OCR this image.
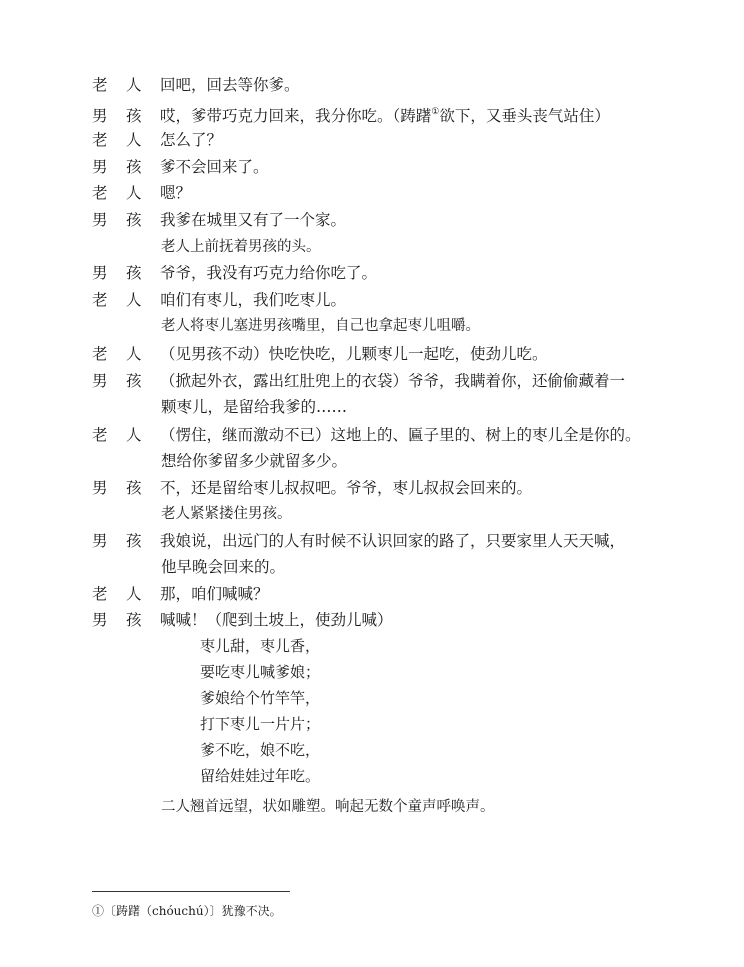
老 人 回吧，回去等你爹。
男 孩 哎，爹带巧克力回来，我分你吃。（踌躇①欲下，又垂头丧气站住）
老 人 怎么了？
男 孩 爹不会回来了。
老 人 嗯？
男 孩 我爹在城里又有了一个家。
老人上前抚着男孩的头。
男 孩 爷爷，我没有巧克力给你吃了。
老 人 咱们有枣儿，我们吃枣儿。
老人将枣儿塞进男孩嘴里，自己也拿起枣儿咀嚼。
老 人 （见男孩不动）快吃快吃，儿颗枣儿一起吃，使劲儿吃。
男 孩 （掀起外衣，露出红肚兜上的衣袋）爷爷，我瞒着你，还偷偷藏着一
颗枣儿，是留给我爹的……
老 人 （愣住，继而激动不已）这地上的、匾子里的、树上的枣儿全是你的。
想给你爹留多少就留多少。
男 孩 不，还是留给枣儿叔叔吧。爷爷，枣儿叔叔会回来的。
老人紧紧搂住男孩。
男 孩 我娘说，出远门的人有时候不认识回家的路了，只要家里人天天喊，
他早晚会回来的。
老 人 那，咱们喊喊？
男 孩 喊喊！（爬到土坡上，使劲儿喊）
枣儿甜，枣儿香，
要吃枣儿喊爹娘；
爹娘给个竹竿竿，
打下枣儿一片片；
爹不吃，娘不吃，
留给娃娃过年吃。
二人翘首远望，状如雕塑。响起无数个童声呼唤声。
①〔踌躇（chóuchú）〕犹豫不决。
